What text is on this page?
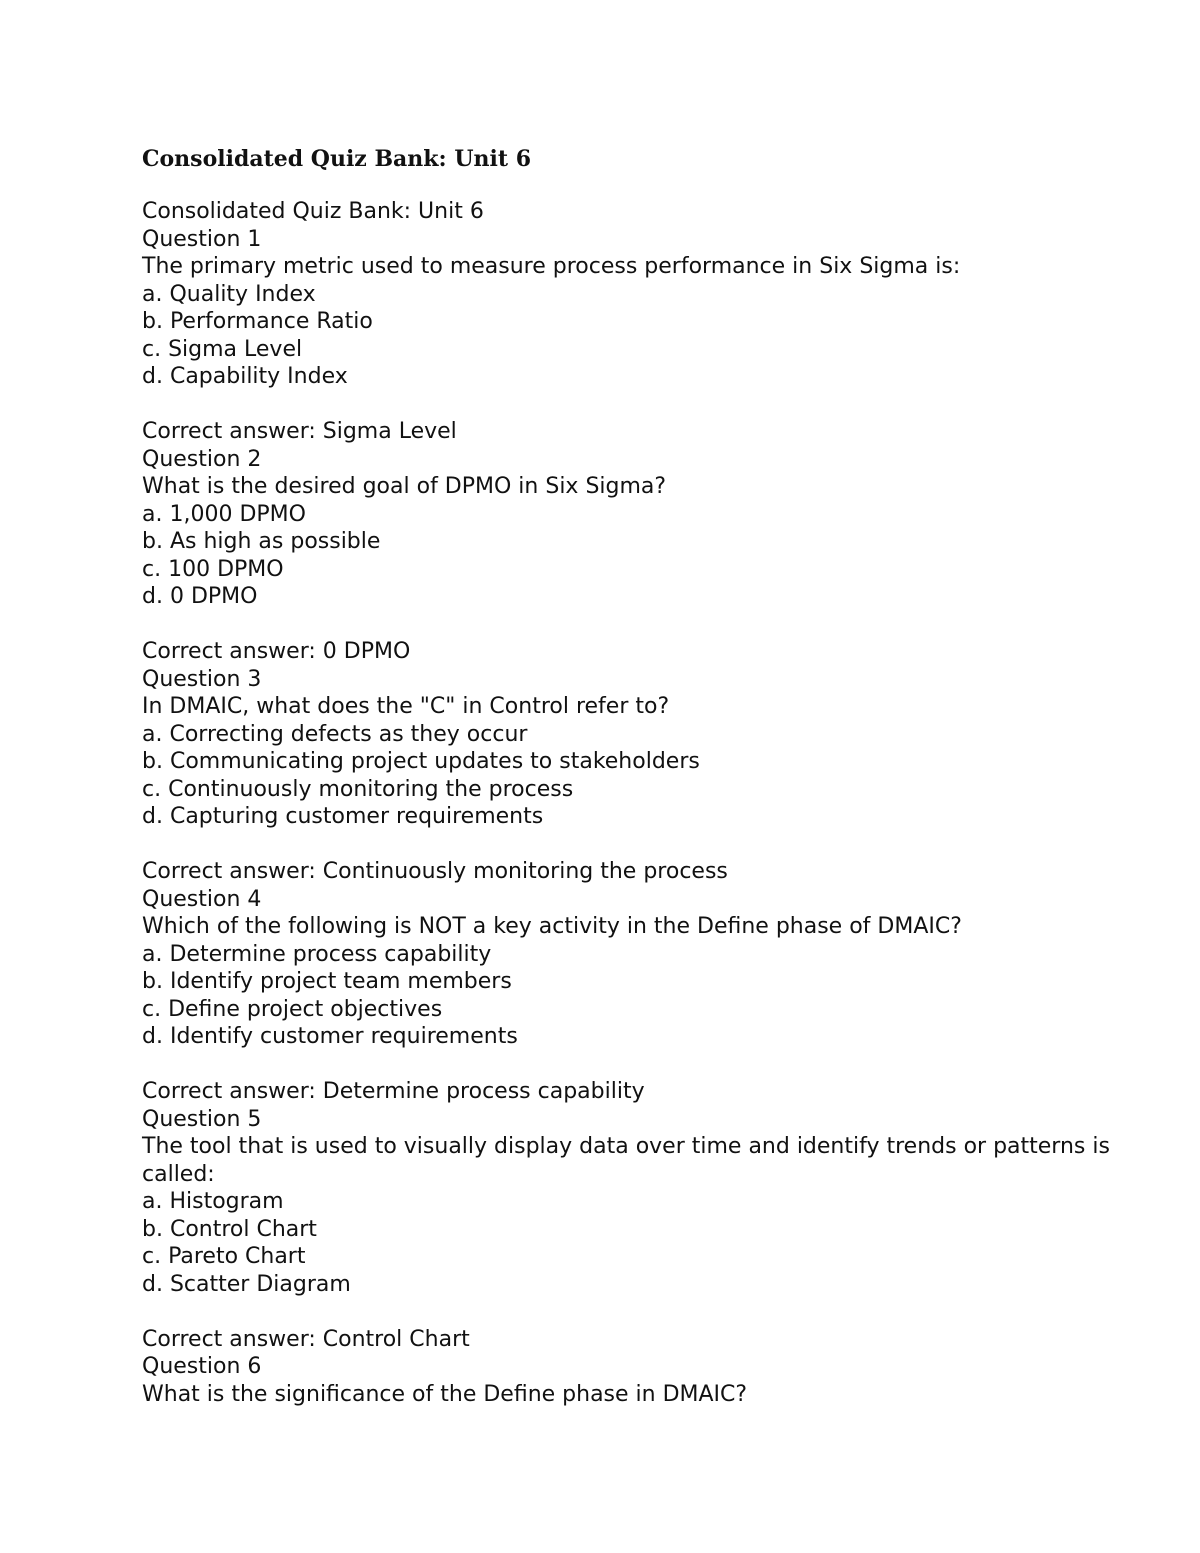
Consolidated Quiz Bank: Unit 6

Consolidated Quiz Bank: Unit 6

Question 1

The primary metric used to measure process performance in Six Sigma is:

a. Quality Index

b. Performance Ratio

c. Sigma Level

d. Capability Index

Correct answer: Sigma Level

Question 2

What is the desired goal of DPMO in Six Sigma?

a. 1,000 DPMO

b. As high as possible

c. 100 DPMO

d. 0 DPMO

Correct answer: 0 DPMO

Question 3

In DMAIC, what does the "C" in Control refer to?

a. Correcting defects as they occur

b. Communicating project updates to stakeholders

c. Continuously monitoring the process

d. Capturing customer requirements

Correct answer: Continuously monitoring the process

Question 4

Which of the following is NOT a key activity in the Define phase of DMAIC?

a. Determine process capability

b. Identify project team members

c. Define project objectives

d. Identify customer requirements

Correct answer: Determine process capability

Question 5

The tool that is used to visually display data over time and identify trends or patterns is called:

a. Histogram

b. Control Chart

c. Pareto Chart

d. Scatter Diagram

Correct answer: Control Chart

Question 6

What is the significance of the Define phase in DMAIC?
